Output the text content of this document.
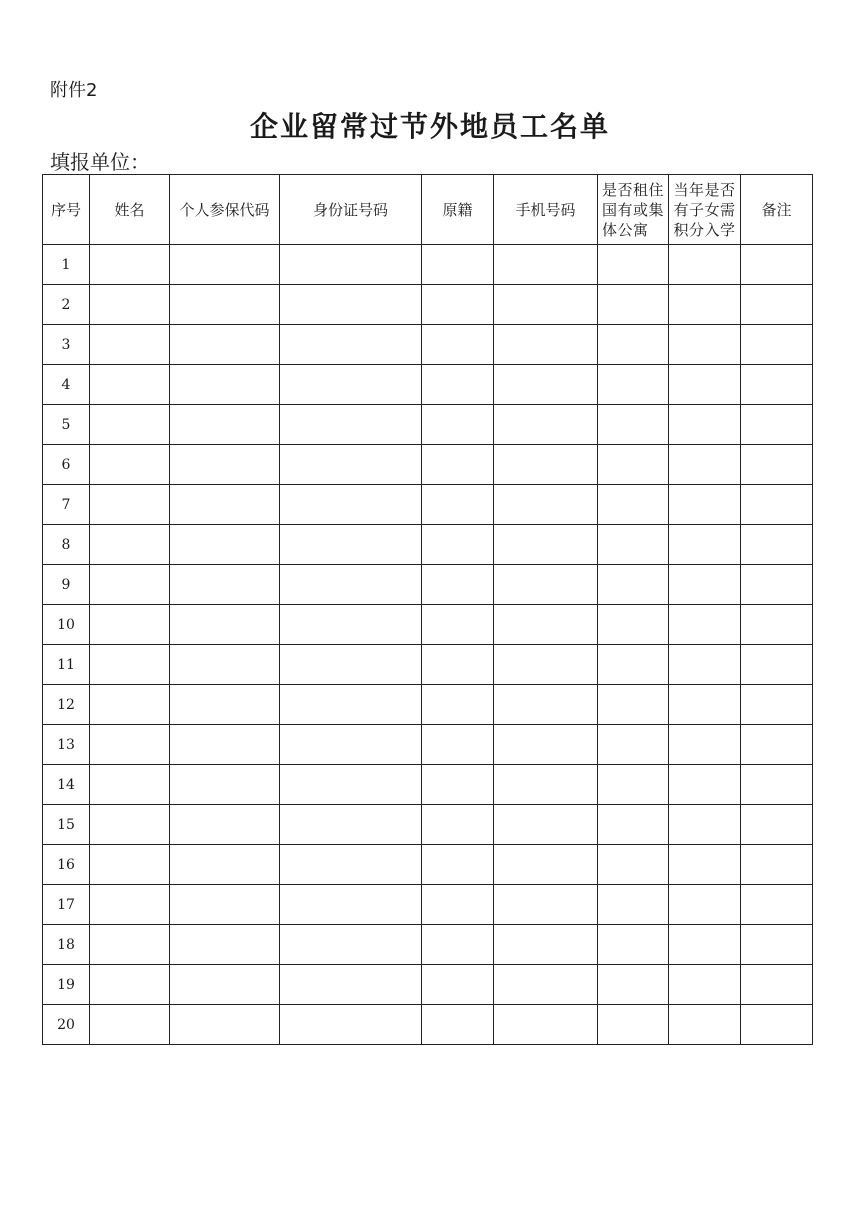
附件2
企业留常过节外地员工名单
填报单位：
序号	姓名	个人参保代码	身份证号码	原籍	手机号码	是否租住国有或集体公寓	当年是否有子女需积分入学	备注
1								
2								
3								
4								
5								
6								
7								
8								
9								
10								
11								
12								
13								
14								
15								
16								
17								
18								
19								
20								
